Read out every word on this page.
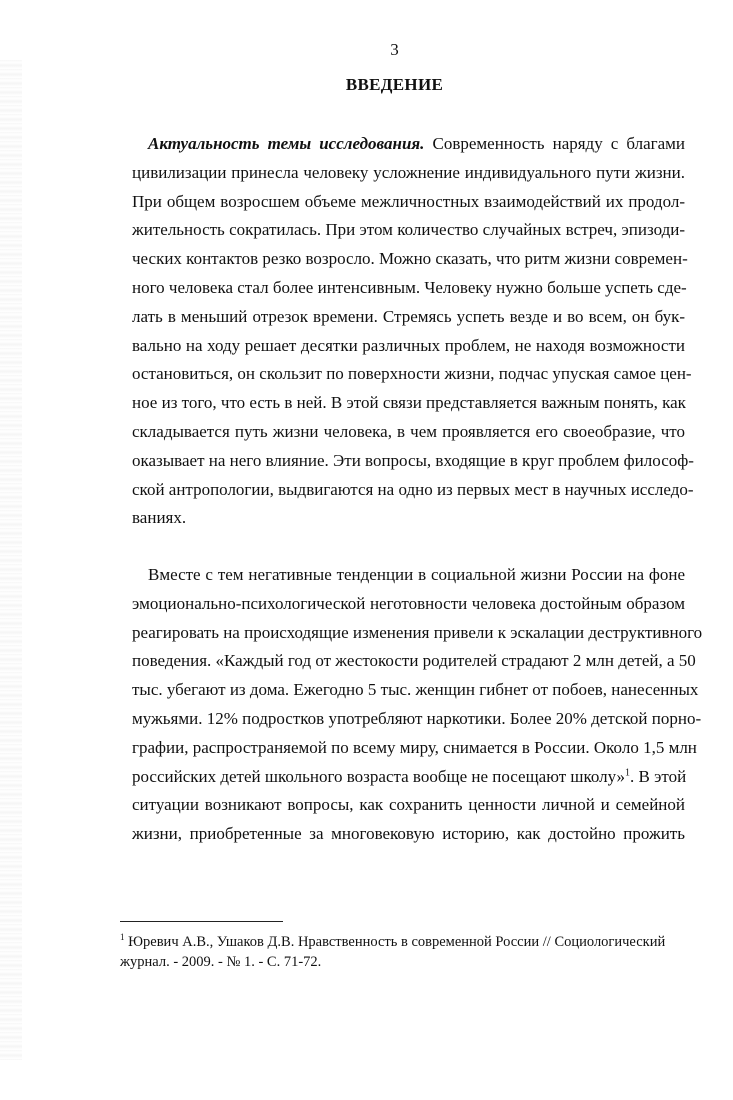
3
ВВЕДЕНИЕ
Актуальность темы исследования. Современность наряду с благами
цивилизации принесла человеку усложнение индивидуального пути жизни.
При общем возросшем объеме межличностных взаимодействий их продол-
жительность сократилась. При этом количество случайных встреч, эпизоди-
ческих контактов резко возросло. Можно сказать, что ритм жизни современ-
ного человека стал более интенсивным. Человеку нужно больше успеть сде-
лать в меньший отрезок времени. Стремясь успеть везде и во всем, он бук-
вально на ходу решает десятки различных проблем, не находя возможности
остановиться, он скользит по поверхности жизни, подчас упуская самое цен-
ное из того, что есть в ней. В этой связи представляется важным понять, как
складывается путь жизни человека, в чем проявляется его своеобразие, что
оказывает на него влияние. Эти вопросы, входящие в круг проблем философ-
ской антропологии, выдвигаются на одно из первых мест в научных исследо-
ваниях.
Вместе с тем негативные тенденции в социальной жизни России на фоне
эмоционально-психологической неготовности человека достойным образом
реагировать на происходящие изменения привели к эскалации деструктивного
поведения. «Каждый год от жестокости родителей страдают 2 млн детей, а 50
тыс. убегают из дома. Ежегодно 5 тыс. женщин гибнет от побоев, нанесенных
мужьями. 12% подростков употребляют наркотики. Более 20% детской порно-
графии, распространяемой по всему миру, снимается в России. Около 1,5 млн
российских детей школьного возраста вообще не посещают школу»$^1$. В этой
ситуации возникают вопросы, как сохранить ценности личной и семейной
жизни, приобретенные за многовековую историю, как достойно прожить
$^1$ Юревич А.В., Ушаков Д.В. Нравственность в современной России // Социологический
журнал. - 2009. - № 1. - С. 71-72.
